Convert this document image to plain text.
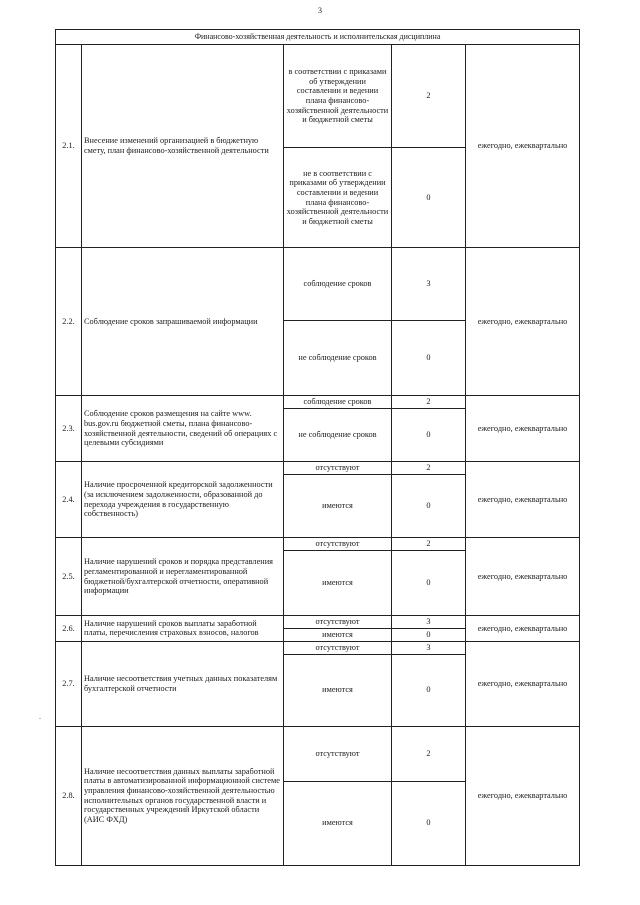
3
Финансово-хозяйственная деятельность и исполнительская дисциплина				
2.1.	Внесение изменений организацией в бюджетную смету, план финансово-хозяйственной деятельности	в соответствии с приказами об утверждении составлении и ведении плана финансово-хозяйственной деятельности и бюджетной сметы	2	ежегодно, ежеквартально
		не в соответствии с приказами об утверждении составлении и ведении плана финансово-хозяйственной деятельности и бюджетной сметы	0	
2.2.	Соблюдение сроков запрашиваемой информации	соблюдение сроков	3	ежегодно, ежеквартально
		не соблюдение сроков	0	
2.3.	Соблюдение сроков размещения на сайте www. bus.gov.ru бюджетной сметы, плана финансово-хозяйственной деятельности, сведений об операциях с целевыми субсидиями	соблюдение сроков	2	ежегодно, ежеквартально
		не соблюдение сроков	0	
2.4.	Наличие просроченной кредиторской задолженности (за исключением задолженности, образованной до перехода учреждения в государственную собственность)	отсутствуют	2	ежегодно, ежеквартально
		имеются	0	
2.5.	Наличие нарушений сроков и порядка представления регламентированной и нерегламентированной бюджетной/бухгалтерской отчетности, оперативной информации	отсутствуют	2	ежегодно, ежеквартально
		имеются	0	
2.6.	Наличие нарушений сроков выплаты заработной платы, перечисления страховых взносов, налогов	отсутствуют	3	ежегодно, ежеквартально
		имеются	0	
2.7.	Наличие несоответствия учетных данных показателям бухгалтерской отчетности	отсутствуют	3	ежегодно, ежеквартально
		имеются	0	
2.8.	Наличие несоответствия данных выплаты заработной платы в автоматизированной информационной системе управления финансово-хозяйственной деятельностью исполнительных органов государственной власти и государственных учреждений Иркутской области (АИС ФХД)	отсутствуют	2	ежегодно, ежеквартально
		имеются	0	
.
